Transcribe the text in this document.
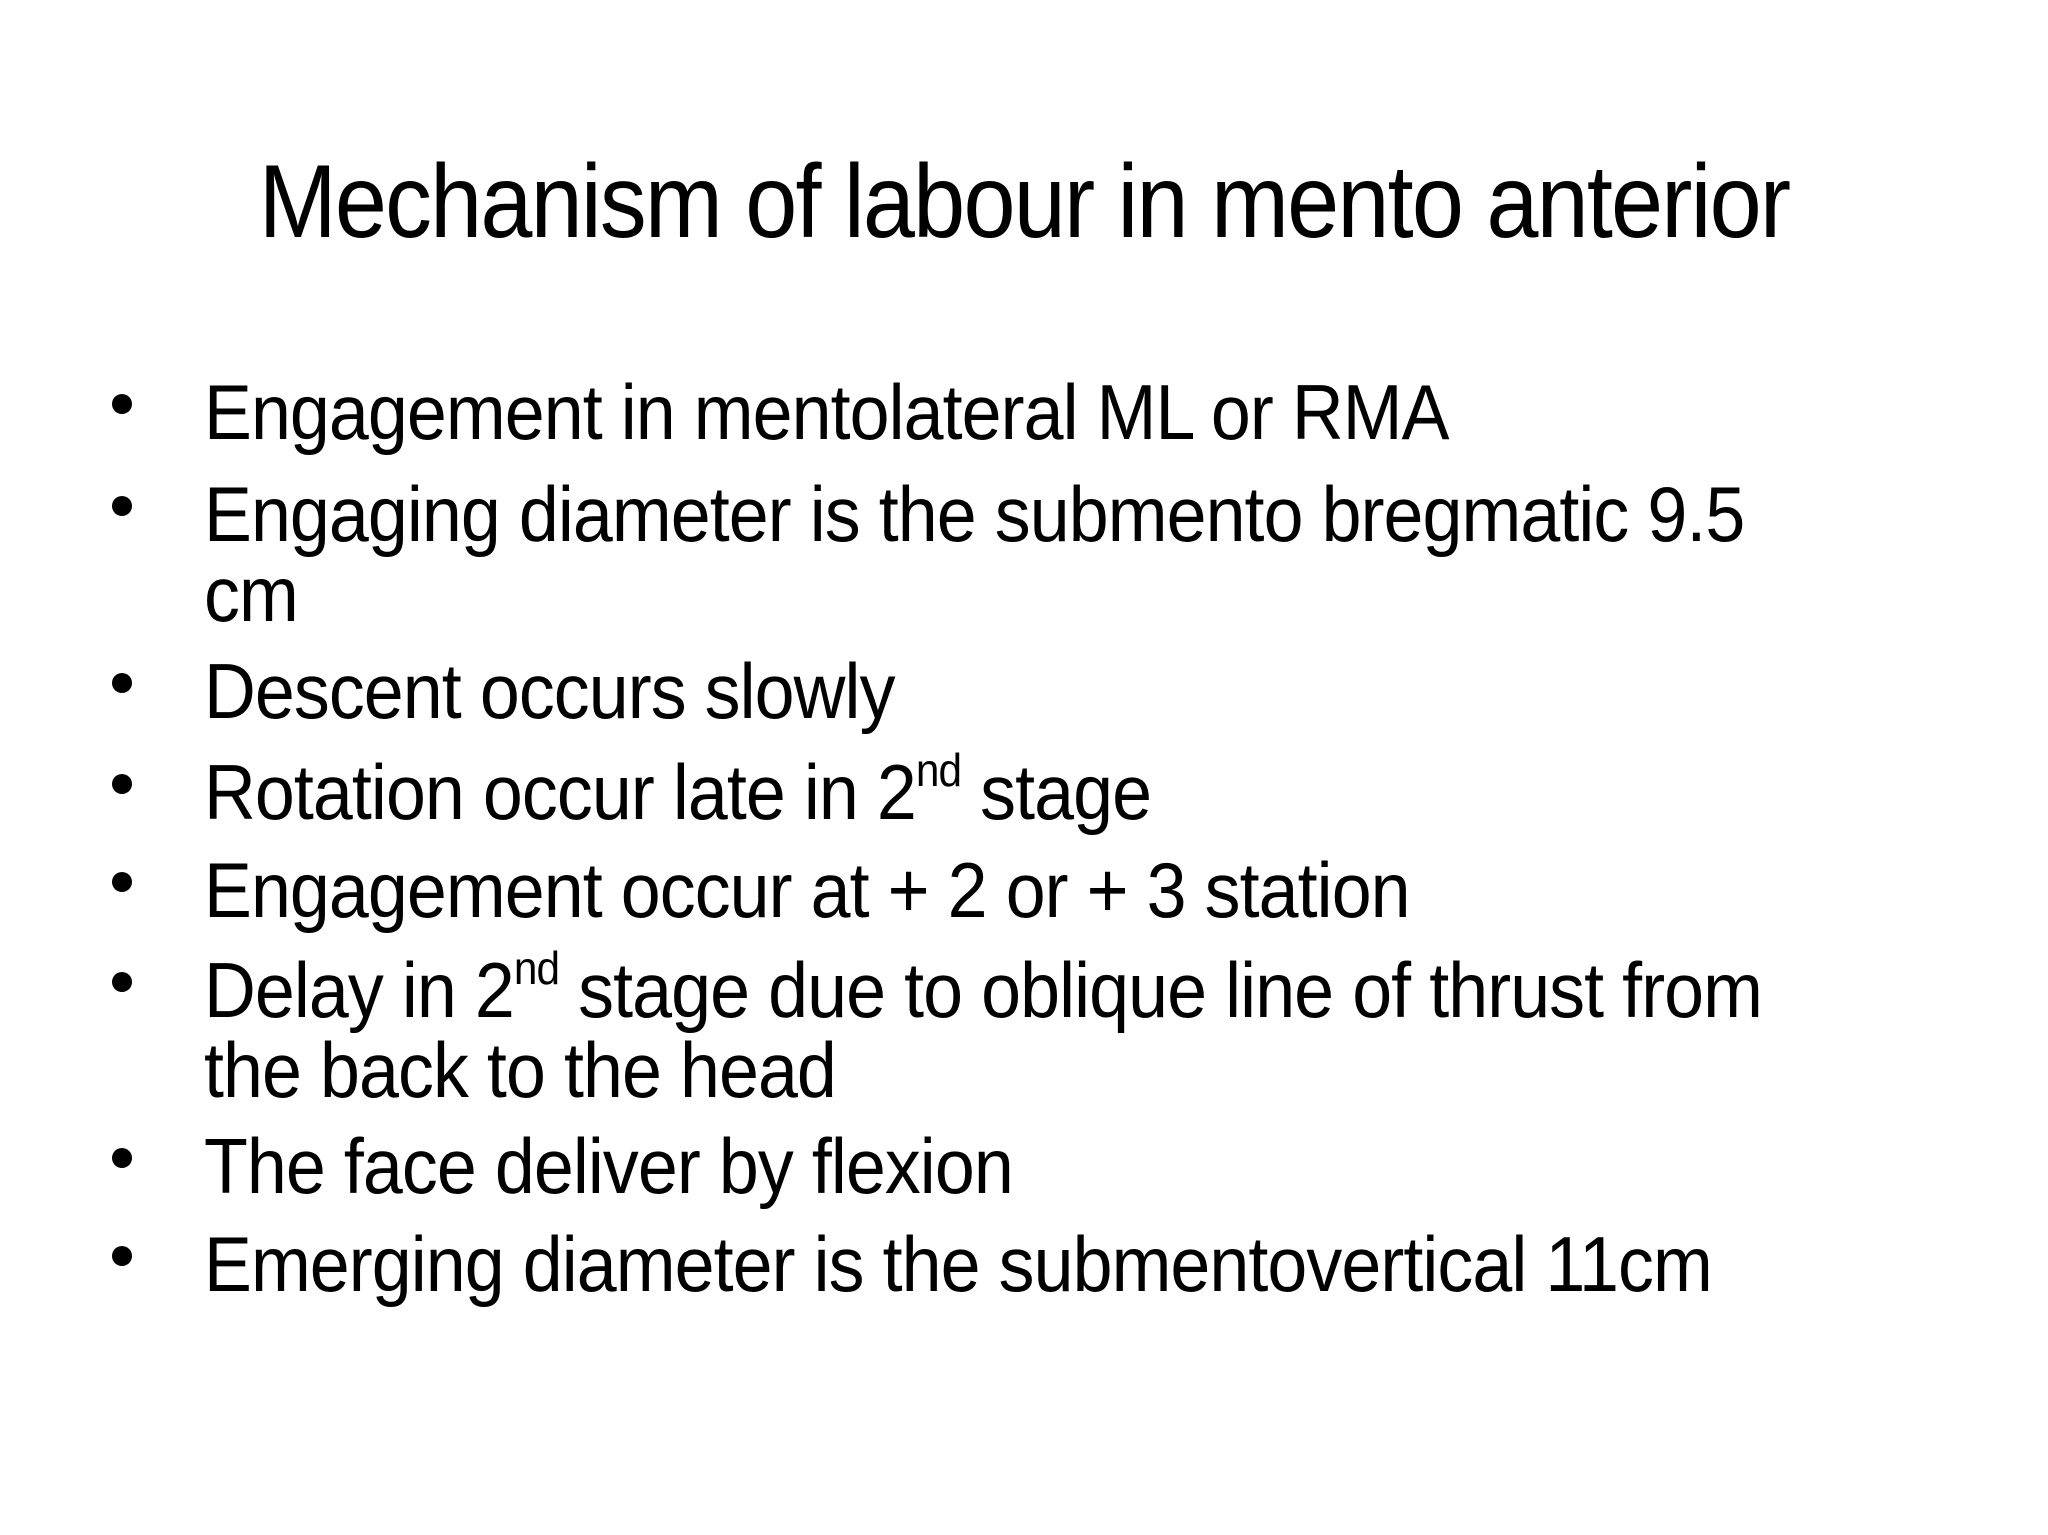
Mechanism of labour in mento anterior
Engagement in mentolateral ML or RMA
Engaging diameter is the submento bregmatic 9.5
cm
Descent occurs slowly
Rotation occur late in 2nd stage
Engagement occur at + 2 or + 3 station
Delay in 2nd stage due to oblique line of thrust from
the back to the head
The face deliver by flexion
Emerging diameter is the submentovertical 11cm
